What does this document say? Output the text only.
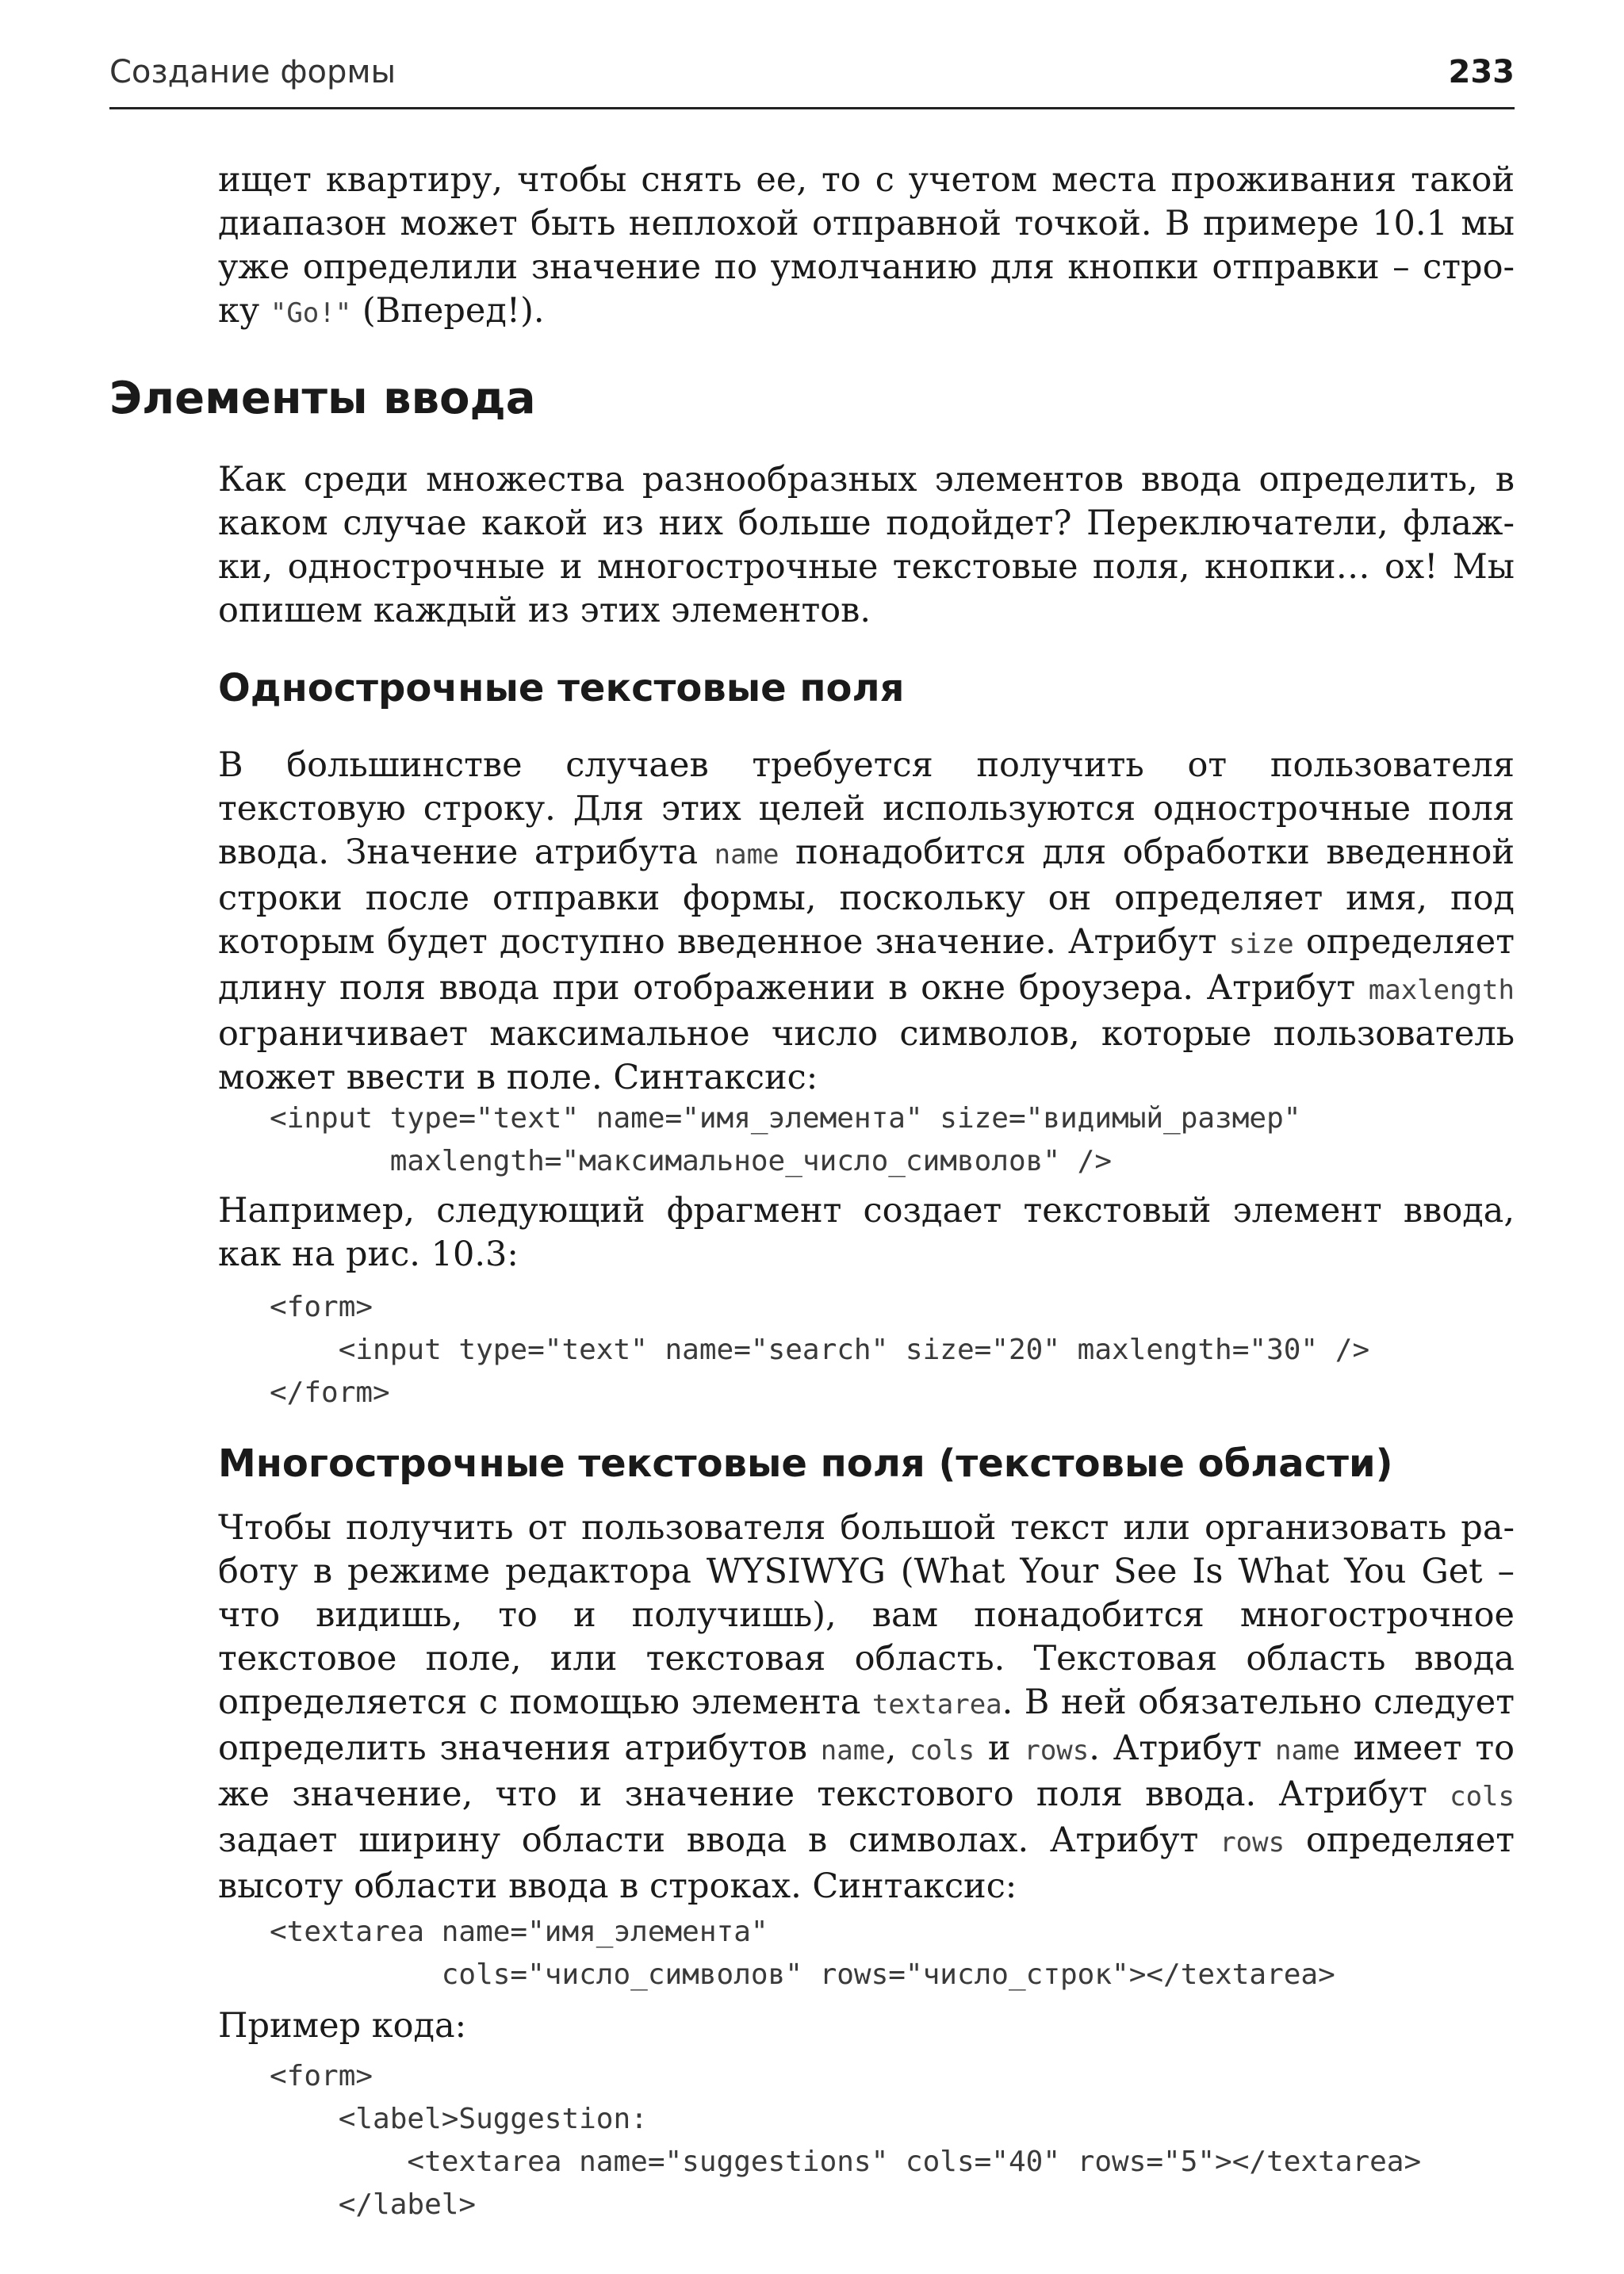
Создание формы	233

ищет квартиру, чтобы снять ее, то с учетом места проживания такой диапазон может быть неплохой отправной точкой. В примере 10.1 мы уже определили значение по умолчанию для кнопки отправки – строку "Go!" (Вперед!).

Элементы ввода

Как среди множества разнообразных элементов ввода определить, в каком случае какой из них больше подойдет? Переключатели, флажки, однострочные и многострочные текстовые поля, кнопки… ох! Мы опишем каждый из этих элементов.

Однострочные текстовые поля

В большинстве случаев требуется получить от пользователя текстовую строку. Для этих целей используются однострочные поля ввода. Значение атрибута name понадобится для обработки введенной строки после отправки формы, поскольку он определяет имя, под которым будет доступно введенное значение. Атрибут size определяет длину поля ввода при отображении в окне броузера. Атрибут maxlength ограничивает максимальное число символов, которые пользователь может ввести в поле. Синтаксис:

<input type="text" name="имя_элемента" size="видимый_размер"
maxlength="максимальное_число_символов" />

Например, следующий фрагмент создает текстовый элемент ввода, как на рис. 10.3:

<form>
<input type="text" name="search" size="20" maxlength="30" />
</form>
Многострочные текстовые поля (текстовые области)

Чтобы получить от пользователя большой текст или организовать работу в режиме редактора WYSIWYG (What Your See Is What You Get – что видишь, то и получишь), вам понадобится многострочное текстовое поле, или текстовая область. Текстовая область ввода определяется с помощью элемента textarea. В ней обязательно следует определить значения атрибутов name, cols и rows. Атрибут name имеет то же значение, что и значение текстового поля ввода. Атрибут cols задает ширину области ввода в символах. Атрибут rows определяет высоту области ввода в строках. Синтаксис:

<textarea name="имя_элемента"
cols="число_символов" rows="число_строк"></textarea>

Пример кода:

<form>
<label>Suggestion:
<textarea name="suggestions" cols="40" rows="5"></textarea>
</label>
